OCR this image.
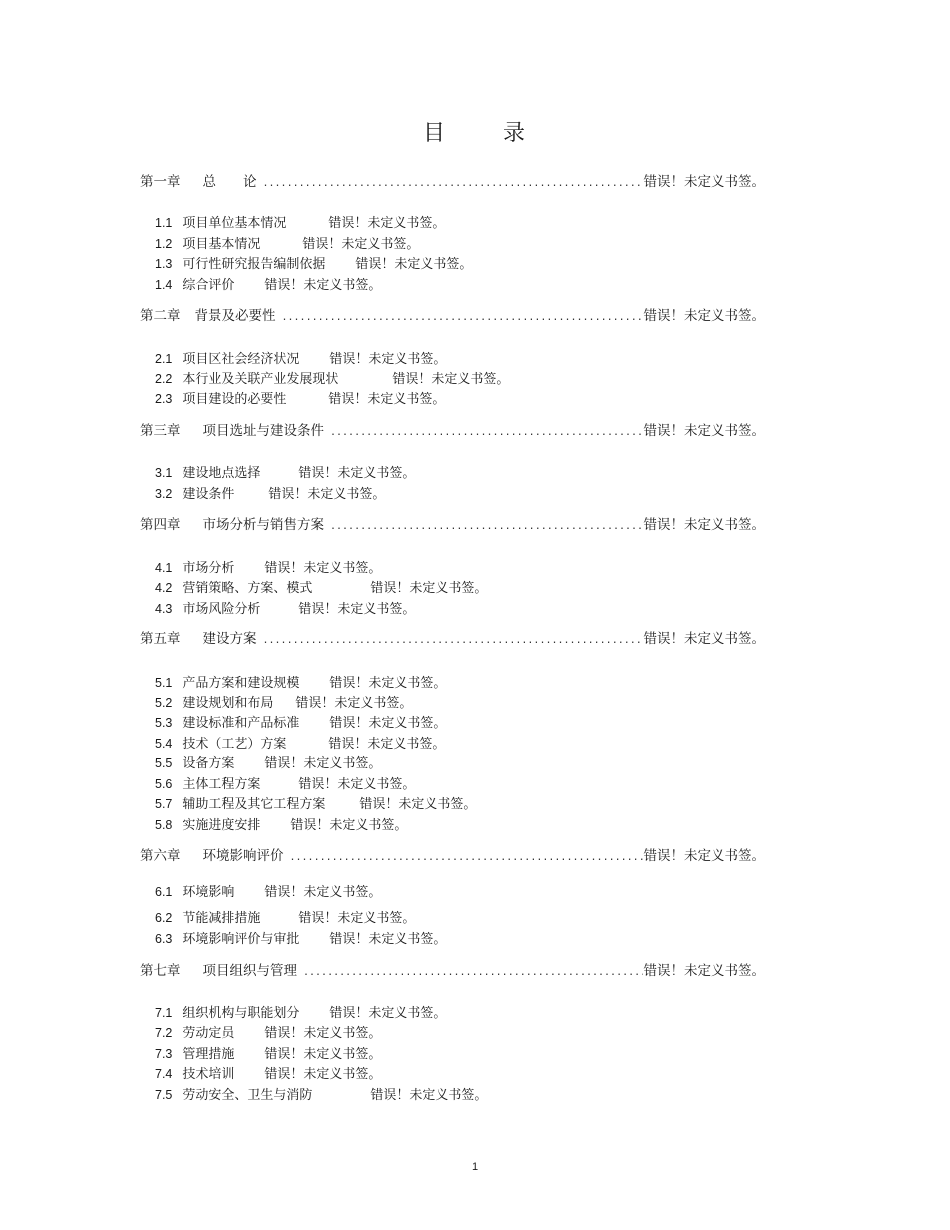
目	录
第一章 总　　论 .....	错误！未定义书签。
1.1 项目单位基本情况	错误！未定义书签。
1.2 项目基本情况	错误！未定义书签。
1.3 可行性研究报告编制依据 错误！未定义书签。
1.4 综合评价 错误！未定义书签。
第二章 背景及必要性 .....	错误！未定义书签。
2.1 项目区社会经济状况 错误！未定义书签。
2.2 本行业及关联产业发展现状	错误！未定义书签。
2.3 项目建设的必要性	错误！未定义书签。
第三章 项目选址与建设条件 .....	错误！未定义书签。
3.1 建设地点选择	错误！未定义书签。
3.2 建设条件	错误！未定义书签。
第四章 市场分析与销售方案 .....	错误！未定义书签。
4.1 市场分析 错误！未定义书签。
4.2 营销策略、方案、模式	错误！未定义书签。
4.3 市场风险分析	错误！未定义书签。
第五章 建设方案 .....	错误！未定义书签。
5.1 产品方案和建设规模 错误！未定义书签。
5.2 建设规划和布局 错误！未定义书签。
5.3 建设标准和产品标准 错误！未定义书签。
5.4 技术（工艺）方案	错误！未定义书签。
5.5 设备方案 错误！未定义书签。
5.6 主体工程方案	错误！未定义书签。
5.7 辅助工程及其它工程方案	错误！未定义书签。
5.8 实施进度安排 错误！未定义书签。
第六章 环境影响评价 .....	错误！未定义书签。
6.1 环境影响 错误！未定义书签。
6.2 节能减排措施	错误！未定义书签。
6.3 环境影响评价与审批 错误！未定义书签。
第七章 项目组织与管理 .....	错误！未定义书签。
7.1 组织机构与职能划分 错误！未定义书签。
7.2 劳动定员 错误！未定义书签。
7.3 管理措施 错误！未定义书签。
7.4 技术培训 错误！未定义书签。
7.5 劳动安全、卫生与消防	错误！未定义书签。
1
